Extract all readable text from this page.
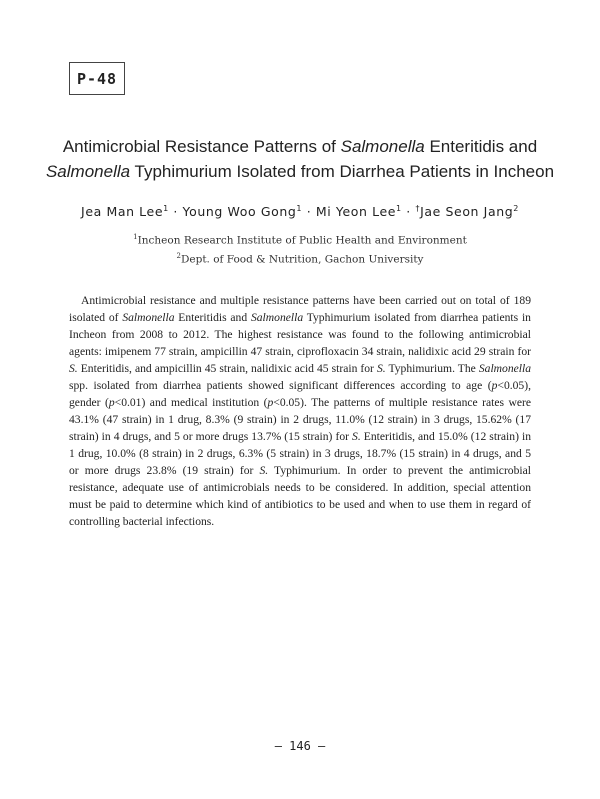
P-48
Antimicrobial Resistance Patterns of Salmonella Enteritidis and
Salmonella Typhimurium Isolated from Diarrhea Patients in Incheon
Jea Man Lee$^1$ · Young Woo Gong$^1$ · Mi Yeon Lee$^1$ · †Jae Seon Jang$^2$
$^1$Incheon Research Institute of Public Health and Environment
$^2$Dept. of Food & Nutrition, Gachon University

Antimicrobial resistance and multiple resistance patterns have been carried out on total of 189 isolated of Salmonella Enteritidis and Salmonella Typhimurium isolated from diarrhea patients in Incheon from 2008 to 2012. The highest resistance was found to the following antimicrobial agents: imipenem 77 strain, ampicillin 47 strain, ciprofloxacin 34 strain, nalidixic acid 29 strain for S. Enteritidis, and ampicillin 45 strain, nalidixic acid 45 strain for S. Typhimurium. The Salmonella spp. isolated from diarrhea patients showed significant differences according to age (p<0.05), gender (p<0.01) and medical institution (p<0.05). The patterns of multiple resistance rates were 43.1% (47 strain) in 1 drug, 8.3% (9 strain) in 2 drugs, 11.0% (12 strain) in 3 drugs, 15.62% (17 strain) in 4 drugs, and 5 or more drugs 13.7% (15 strain) for S. Enteritidis, and 15.0% (12 strain) in 1 drug, 10.0% (8 strain) in 2 drugs, 6.3% (5 strain) in 3 drugs, 18.7% (15 strain) in 4 drugs, and 5 or more drugs 23.8% (19 strain) for S. Typhimurium. In order to prevent the antimicrobial resistance, adequate use of antimicrobials needs to be considered. In addition, special attention must be paid to determine which kind of antibiotics to be used and when to use them in regard of controlling bacterial infections.

– 146 –
